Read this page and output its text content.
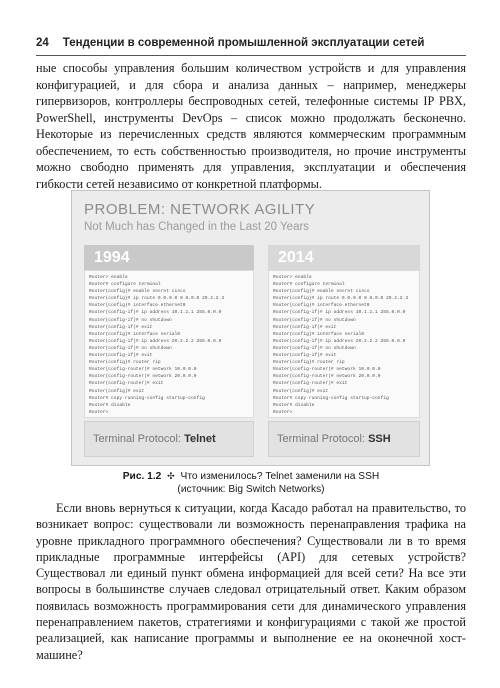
24 Тенденции в современной промышленной эксплуатации сетей
ные способы управления большим количеством устройств и для управления конфигурацией, и для сбора и анализа данных – например, менеджеры гипервизоров, контроллеры беспроводных сетей, телефонные системы IP PBX, PowerShell, инструменты DevOps – список можно продолжать бесконечно. Некоторые из перечисленных средств являются коммерческим программным обеспечением, то есть собственностью производителя, но прочие инструменты можно свободно применять для управления, эксплуатации и обеспечения гибкости сетей независимо от конкретной платформы.
PROBLEM: NETWORK AGILITY
Not Much has Changed in the Last 20 Years
1994
Router> enable
Router# configure terminal
Router(config)# enable secret cisco
Router(config)# ip route 0.0.0.0 0.0.0.0 20.2.2.3
Router(config)# interface ethernet0
Router(config-if)# ip address 10.1.1.1 255.0.0.0
Router(config-if)# no shutdown
Router(config-if)# exit
Router(config)# interface serial0
Router(config-if)# ip address 20.2.2.2 255.0.0.0
Router(config-if)# no shutdown
Router(config-if)# exit
Router(config)# router rip
Router(config-router)# network 10.0.0.0
Router(config-router)# network 20.0.0.0
Router(config-router)# exit
Router(config)# exit
Router# copy running-config startup-config
Router# disable
Router>
Terminal Protocol: Telnet
2014
Router> enable
Router# configure terminal
Router(config)# enable secret cisco
Router(config)# ip route 0.0.0.0 0.0.0.0 20.2.2.3
Router(config)# interface ethernet0
Router(config-if)# ip address 10.1.1.1 255.0.0.0
Router(config-if)# no shutdown
Router(config-if)# exit
Router(config)# interface serial0
Router(config-if)# ip address 20.2.2.2 255.0.0.0
Router(config-if)# no shutdown
Router(config-if)# exit
Router(config)# router rip
Router(config-router)# network 10.0.0.0
Router(config-router)# network 20.0.0.0
Router(config-router)# exit
Router(config)# exit
Router# copy running-config startup-config
Router# disable
Router>
Terminal Protocol: SSH
Рис. 1.2 ✣ Что изменилось? Telnet заменили на SSH
(источник: Big Switch Networks)
Если вновь вернуться к ситуации, когда Касадо работал на правительство, то возникает вопрос: существовали ли возможность перенаправления трафика на уровне прикладного программного обеспечения? Существовали ли в то время прикладные программные интерфейсы (API) для сетевых устройств? Существовал ли единый пункт обмена информацией для всей сети? На все эти вопросы в большинстве случаев следовал отрицательный ответ. Каким образом появилась возможность программирования сети для динамического управления перенаправлением пакетов, стратегиями и конфигурациями с такой же простой реализацией, как написание программы и выполнение ее на оконечной хост-машине?
